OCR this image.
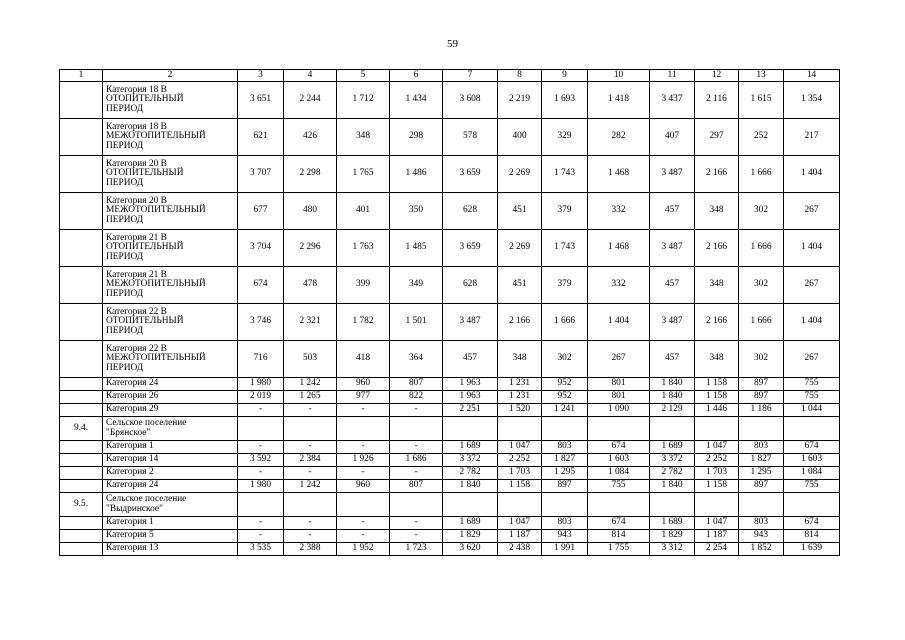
59
1	2	3	4	5	6	7	8	9	10	11	12	13	14
	Категория 18 В
ОТОПИТЕЛЬНЫЙ
ПЕРИОД	3 651	2 244	1 712	1 434	3 608	2 219	1 693	1 418	3 437	2 116	1 615	1 354
	Категория 18 В
МЕЖОТОПИТЕЛЬНЫЙ
ПЕРИОД	621	426	348	298	578	400	329	282	407	297	252	217
	Категория 20 В
ОТОПИТЕЛЬНЫЙ
ПЕРИОД	3 707	2 298	1 765	1 486	3 659	2 269	1 743	1 468	3 487	2 166	1 666	1 404
	Категория 20 В
МЕЖОТОПИТЕЛЬНЫЙ
ПЕРИОД	677	480	401	350	628	451	379	332	457	348	302	267
	Категория 21 В
ОТОПИТЕЛЬНЫЙ
ПЕРИОД	3 704	2 296	1 763	1 485	3 659	2 269	1 743	1 468	3 487	2 166	1 666	1 404
	Категория 21 В
МЕЖОТОПИТЕЛЬНЫЙ
ПЕРИОД	674	478	399	349	628	451	379	332	457	348	302	267
	Категория 22 В
ОТОПИТЕЛЬНЫЙ
ПЕРИОД	3 746	2 321	1 782	1 501	3 487	2 166	1 666	1 404	3 487	2 166	1 666	1 404
	Категория 22 В
МЕЖОТОПИТЕЛЬНЫЙ
ПЕРИОД	716	503	418	364	457	348	302	267	457	348	302	267
	Категория 24	1 980	1 242	960	807	1 963	1 231	952	801	1 840	1 158	897	755
	Категория 26	2 019	1 265	977	822	1 963	1 231	952	801	1 840	1 158	897	755
	Категория 29	-	-	-	-	2 251	1 520	1 241	1 090	2 129	1 446	1 186	1 044
9.4.	Сельское поселение
"Брянское"												
	Категория 1	-	-	-	-	1 689	1 047	803	674	1 689	1 047	803	674
	Категория 14	3 592	2 384	1 926	1 686	3 372	2 252	1 827	1 603	3 372	2 252	1 827	1 603
	Категория 2	-	-	-	-	2 782	1 703	1 295	1 084	2 782	1 703	1 295	1 084
	Категория 24	1 980	1 242	960	807	1 840	1 158	897	755	1 840	1 158	897	755
9.5.	Сельское поселение
"Выдринское"												
	Категория 1	-	-	-	-	1 689	1 047	803	674	1 689	1 047	803	674
	Категория 5	-	-	-	-	1 829	1 187	943	814	1 829	1 187	943	814
	Категория 13	3 535	2 388	1 952	1 723	3 620	2 438	1 991	1 755	3 312	2 254	1 852	1 639
